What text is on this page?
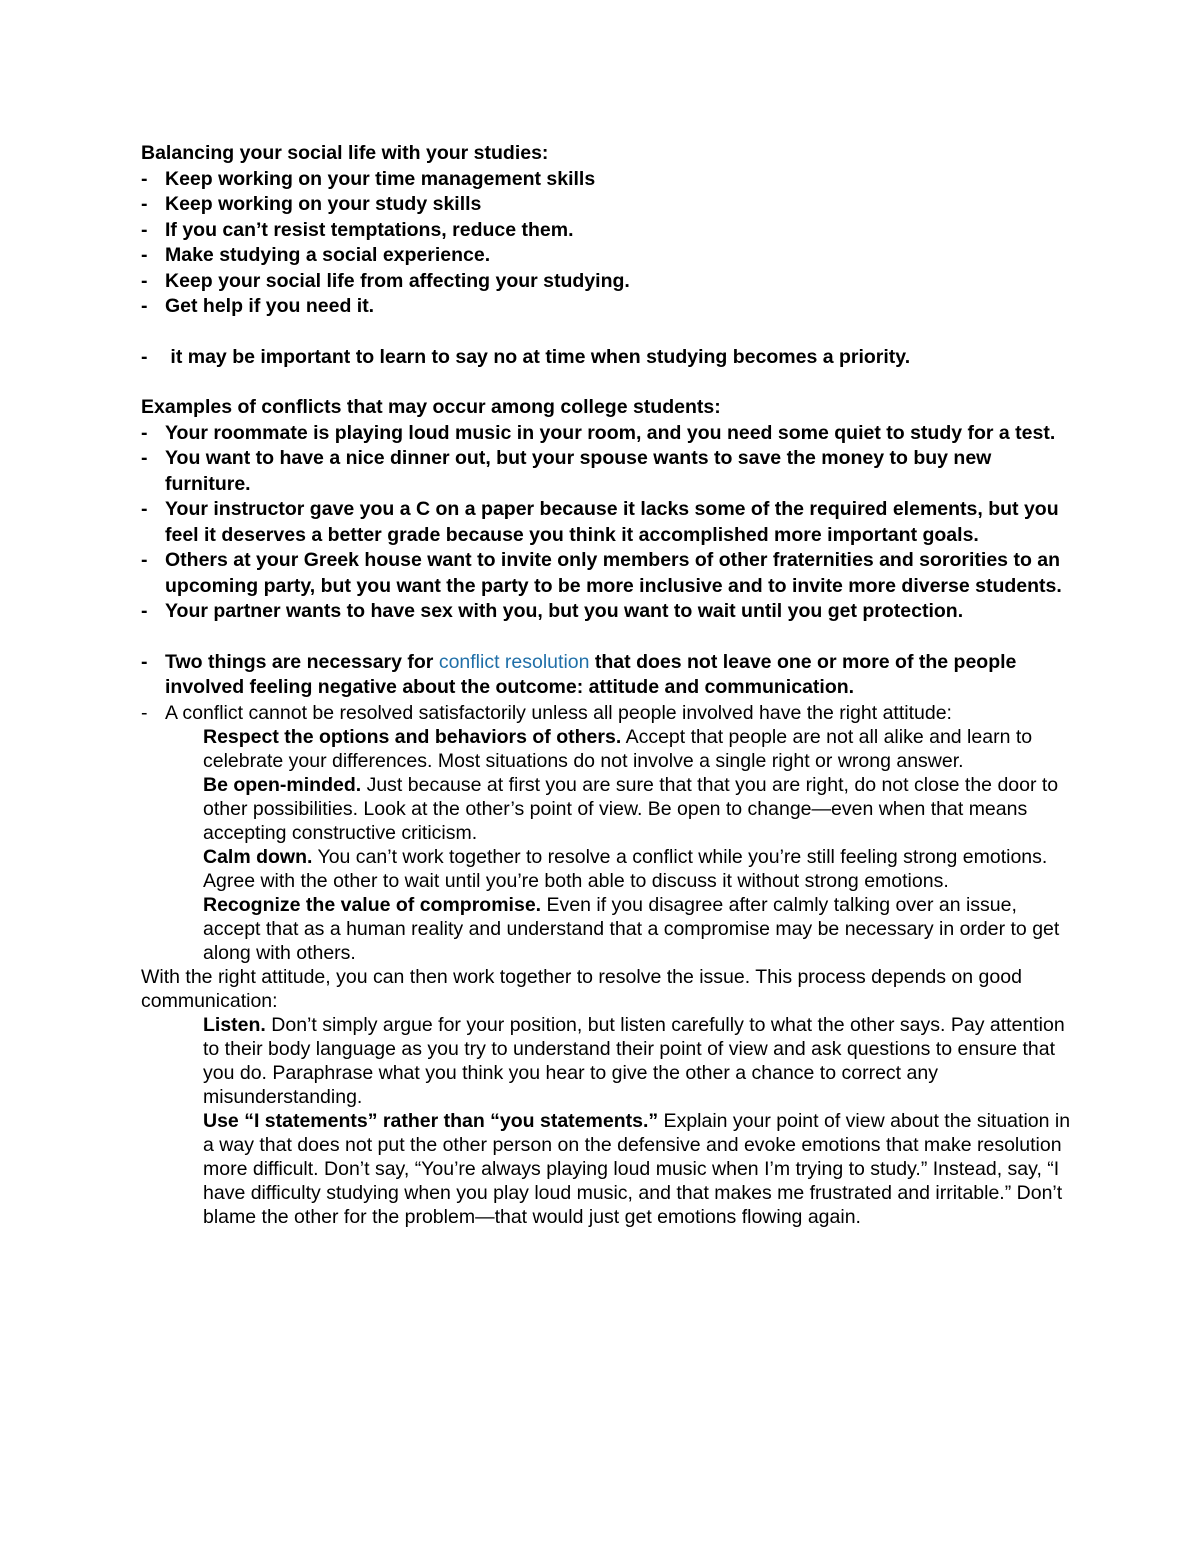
Balancing your social life with your studies:
- Keep working on your time management skills
- Keep working on your study skills
- If you can’t resist temptations, reduce them.
- Make studying a social experience.
- Keep your social life from affecting your studying.
- Get help if you need it.
- it may be important to learn to say no at time when studying becomes a priority.
Examples of conflicts that may occur among college students:
- Your roommate is playing loud music in your room, and you need some quiet to study for a test.
- You want to have a nice dinner out, but your spouse wants to save the money to buy new furniture.
- Your instructor gave you a C on a paper because it lacks some of the required elements, but you feel it deserves a better grade because you think it accomplished more important goals.
- Others at your Greek house want to invite only members of other fraternities and sororities to an upcoming party, but you want the party to be more inclusive and to invite more diverse students.
- Your partner wants to have sex with you, but you want to wait until you get protection.
- Two things are necessary for conflict resolution that does not leave one or more of the people involved feeling negative about the outcome: attitude and communication.
- A conflict cannot be resolved satisfactorily unless all people involved have the right attitude:

Respect the options and behaviors of others. Accept that people are not all alike and learn to celebrate your differences. Most situations do not involve a single right or wrong answer.

Be open-minded. Just because at first you are sure that that you are right, do not close the door to other possibilities. Look at the other’s point of view. Be open to change—even when that means accepting constructive criticism.

Calm down. You can’t work together to resolve a conflict while you’re still feeling strong emotions. Agree with the other to wait until you’re both able to discuss it without strong emotions.

Recognize the value of compromise. Even if you disagree after calmly talking over an issue, accept that as a human reality and understand that a compromise may be necessary in order to get along with others.

With the right attitude, you can then work together to resolve the issue. This process depends on good communication:

Listen. Don’t simply argue for your position, but listen carefully to what the other says. Pay attention to their body language as you try to understand their point of view and ask questions to ensure that you do. Paraphrase what you think you hear to give the other a chance to correct any misunderstanding.

Use “I statements” rather than “you statements.” Explain your point of view about the situation in a way that does not put the other person on the defensive and evoke emotions that make resolution more difficult. Don’t say, “You’re always playing loud music when I’m trying to study.” Instead, say, “I have difficulty studying when you play loud music, and that makes me frustrated and irritable.” Don’t blame the other for the problem—that would just get emotions flowing again.
